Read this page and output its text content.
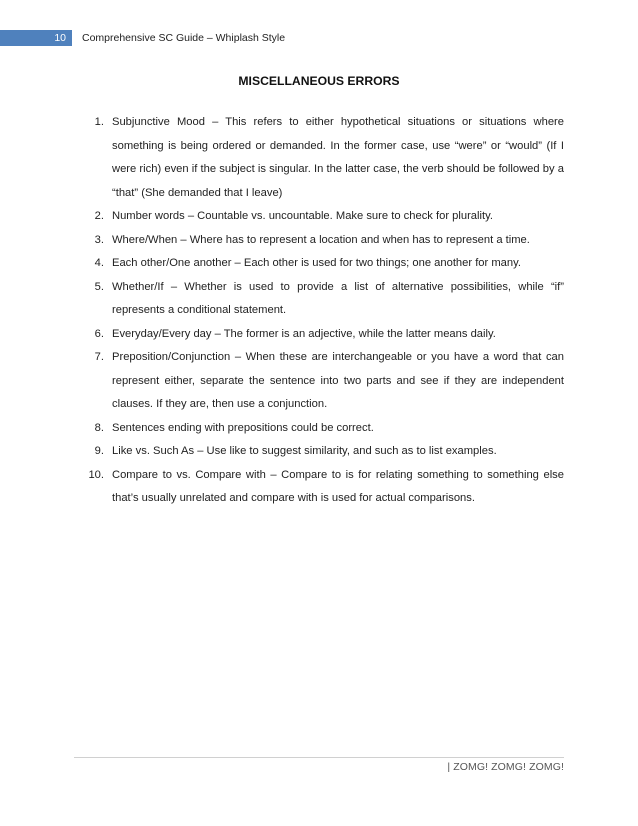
10	Comprehensive SC Guide – Whiplash Style
MISCELLANEOUS ERRORS
1. Subjunctive Mood – This refers to either hypothetical situations or situations where something is being ordered or demanded. In the former case, use “were” or “would” (If I were rich) even if the subject is singular. In the latter case, the verb should be followed by a “that” (She demanded that I leave)
2. Number words – Countable vs. uncountable. Make sure to check for plurality.
3. Where/When – Where has to represent a location and when has to represent a time.
4. Each other/One another – Each other is used for two things; one another for many.
5. Whether/If – Whether is used to provide a list of alternative possibilities, while “if” represents a conditional statement.
6. Everyday/Every day – The former is an adjective, while the latter means daily.
7. Preposition/Conjunction – When these are interchangeable or you have a word that can represent either, separate the sentence into two parts and see if they are independent clauses. If they are, then use a conjunction.
8. Sentences ending with prepositions could be correct.
9. Like vs. Such As – Use like to suggest similarity, and such as to list examples.
10. Compare to vs. Compare with – Compare to is for relating something to something else that’s usually unrelated and compare with is used for actual comparisons.
| ZOMG! ZOMG! ZOMG!
